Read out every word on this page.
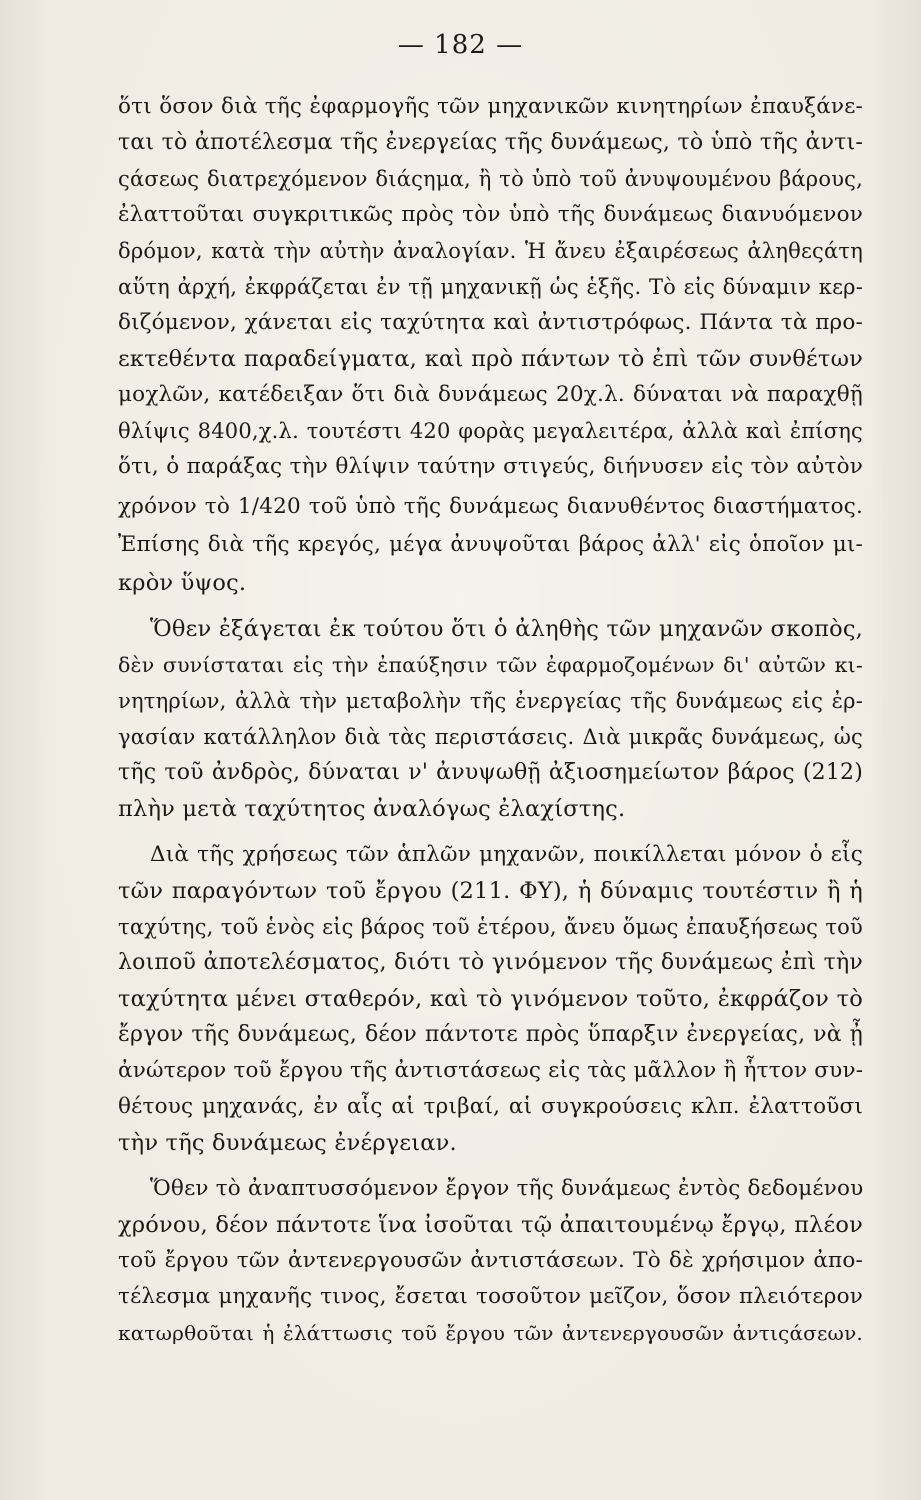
— 182 —
ὅτι ὅσον διὰ τῆς ἐφαρμογῆς τῶν μηχανικῶν κινητηρίων ἐπαυξάνε-
ται τὸ ἀποτέλεσμα τῆς ἐνεργείας τῆς δυνάμεως, τὸ ὑπὸ τῆς ἀντι-
ςάσεως διατρεχόμενον διάςημα, ἢ τὸ ὑπὸ τοῦ ἀνυψουμένου βάρους,
ἐλαττοῦται συγκριτικῶς πρὸς τὸν ὑπὸ τῆς δυνάμεως διανυόμενον
δρόμον, κατὰ τὴν αὐτὴν ἀναλογίαν. Ἡ ἄνευ ἐξαιρέσεως ἀληθεςάτη
αὕτη ἀρχή, ἐκφράζεται ἐν τῇ μηχανικῇ ὡς ἑξῆς. Τὸ εἰς δύναμιν κερ-
διζόμενον, χάνεται εἰς ταχύτητα καὶ ἀντιστρόφως. Πάντα τὰ προ-
εκτεθέντα παραδείγματα, καὶ πρὸ πάντων τὸ ἐπὶ τῶν συνθέτων
μοχλῶν, κατέδειξαν ὅτι διὰ δυνάμεως 20χ.λ. δύναται νὰ παραχθῇ
θλίψις 8400,χ.λ. τουτέστι 420 φορὰς μεγαλειτέρα, ἀλλὰ καὶ ἐπίσης
ὅτι, ὁ παράξας τὴν θλίψιν ταύτην στιγεύς, διήνυσεν εἰς τὸν αὐτὸν
χρόνον τὸ 1/420 τοῦ ὑπὸ τῆς δυνάμεως διανυθέντος διαστήματος.
Ἐπίσης διὰ τῆς κρεγός, μέγα ἀνυψοῦται βάρος ἀλλ' εἰς ὁποῖον μι-
κρὸν ὕψος.
Ὅθεν ἐξάγεται ἐκ τούτου ὅτι ὁ ἀληθὴς τῶν μηχανῶν σκοπὸς,
δὲν συνίσταται εἰς τὴν ἐπαύξησιν τῶν ἐφαρμοζομένων δι' αὐτῶν κι-
νητηρίων, ἀλλὰ τὴν μεταβολὴν τῆς ἐνεργείας τῆς δυνάμεως εἰς ἐρ-
γασίαν κατάλληλον διὰ τὰς περιστάσεις. Διὰ μικρᾶς δυνάμεως, ὡς
τῆς τοῦ ἀνδρὸς, δύναται ν' ἀνυψωθῇ ἀξιοσημείωτον βάρος (212)
πλὴν μετὰ ταχύτητος ἀναλόγως ἐλαχίστης.
Διὰ τῆς χρήσεως τῶν ἁπλῶν μηχανῶν, ποικίλλεται μόνον ὁ εἷς
τῶν παραγόντων τοῦ ἔργου (211. ΦΥ), ἡ δύναμις τουτέστιν ἢ ἡ
ταχύτης, τοῦ ἑνὸς εἰς βάρος τοῦ ἑτέρου, ἄνευ ὅμως ἐπαυξήσεως τοῦ
λοιποῦ ἀποτελέσματος, διότι τὸ γινόμενον τῆς δυνάμεως ἐπὶ τὴν
ταχύτητα μένει σταθερόν, καὶ τὸ γινόμενον τοῦτο, ἐκφράζον τὸ
ἔργον τῆς δυνάμεως, δέον πάντοτε πρὸς ὕπαρξιν ἐνεργείας, νὰ ᾖ
ἀνώτερον τοῦ ἔργου τῆς ἀντιστάσεως εἰς τὰς μᾶλλον ἢ ἧττον συν-
θέτους μηχανάς, ἐν αἷς αἱ τριβαί, αἱ συγκρούσεις κλπ. ἐλαττοῦσι
τὴν τῆς δυνάμεως ἐνέργειαν.
Ὅθεν τὸ ἀναπτυσσόμενον ἔργον τῆς δυνάμεως ἐντὸς δεδομένου
χρόνου, δέον πάντοτε ἵνα ἰσοῦται τῷ ἀπαιτουμένῳ ἔργῳ, πλέον
τοῦ ἔργου τῶν ἀντενεργουσῶν ἀντιστάσεων. Τὸ δὲ χρήσιμον ἀπο-
τέλεσμα μηχανῆς τινος, ἔσεται τοσοῦτον μεῖζον, ὅσον πλειότερον
κατωρθοῦται ἡ ἐλάττωσις τοῦ ἔργου τῶν ἀντενεργουσῶν ἀντιςάσεων.
